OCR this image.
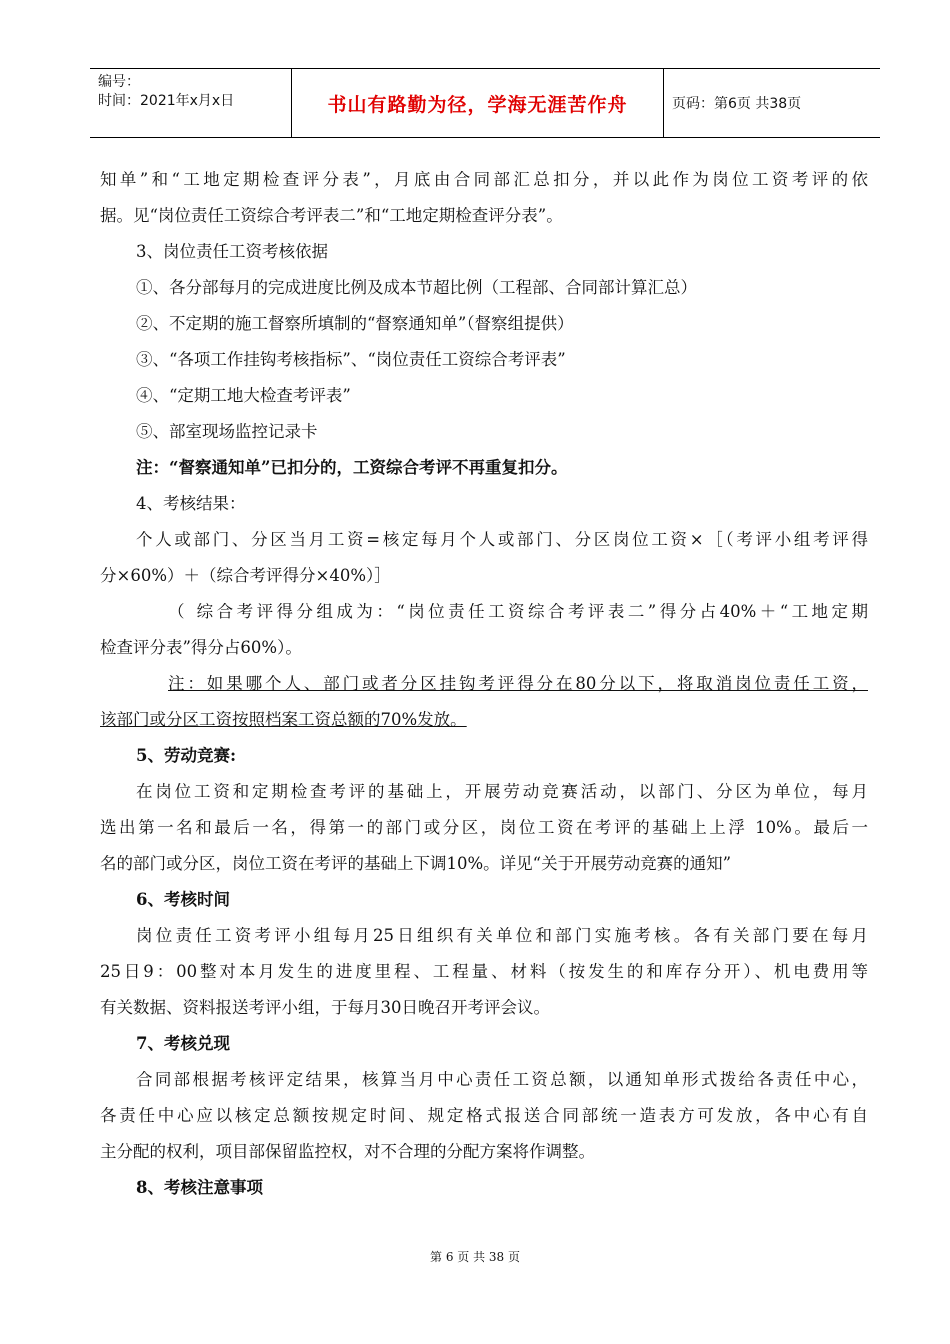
编号：
时间：2021年x月x日	书山有路勤为径，学海无涯苦作舟	页码：第6页 共38页
知单”和“工地定期检查评分表”，月底由合同部汇总扣分，并以此作为岗位工资考评的依
据。见“岗位责任工资综合考评表二”和“工地定期检查评分表”。
3、岗位责任工资考核依据
①、各分部每月的完成进度比例及成本节超比例（工程部、合同部计算汇总）
②、不定期的施工督察所填制的“督察通知单”（督察组提供）
③、“各项工作挂钩考核指标”、“岗位责任工资综合考评表”
④、“定期工地大检查考评表”
⑤、部室现场监控记录卡
注：“督察通知单”已扣分的，工资综合考评不再重复扣分。
4、考核结果：
个人或部门、分区当月工资=核定每月个人或部门、分区岗位工资×［（考评小组考评得
分×60%）＋（综合考评得分×40%）］
（ 综合考评得分组成为：“岗位责任工资综合考评表二”得分占40%＋“工地定期
检查评分表”得分占60%）。
注：如果哪个人、部门或者分区挂钩考评得分在80分以下，将取消岗位责任工资，
该部门或分区工资按照档案工资总额的70%发放。
5、劳动竞赛:
在岗位工资和定期检查考评的基础上，开展劳动竞赛活动，以部门、分区为单位，每月
选出第一名和最后一名，得第一的部门或分区，岗位工资在考评的基础上上浮 10%。最后一
名的部门或分区，岗位工资在考评的基础上下调10%。详见“关于开展劳动竞赛的通知”
6、考核时间
岗位责任工资考评小组每月25日组织有关单位和部门实施考核。各有关部门要在每月
25日9：00整对本月发生的进度里程、工程量、材料（按发生的和库存分开）、机电费用等
有关数据、资料报送考评小组，于每月30日晚召开考评会议。
7、考核兑现
合同部根据考核评定结果，核算当月中心责任工资总额，以通知单形式拨给各责任中心，
各责任中心应以核定总额按规定时间、规定格式报送合同部统一造表方可发放，各中心有自
主分配的权利，项目部保留监控权，对不合理的分配方案将作调整。
8、考核注意事项
第 6 页 共 38 页
